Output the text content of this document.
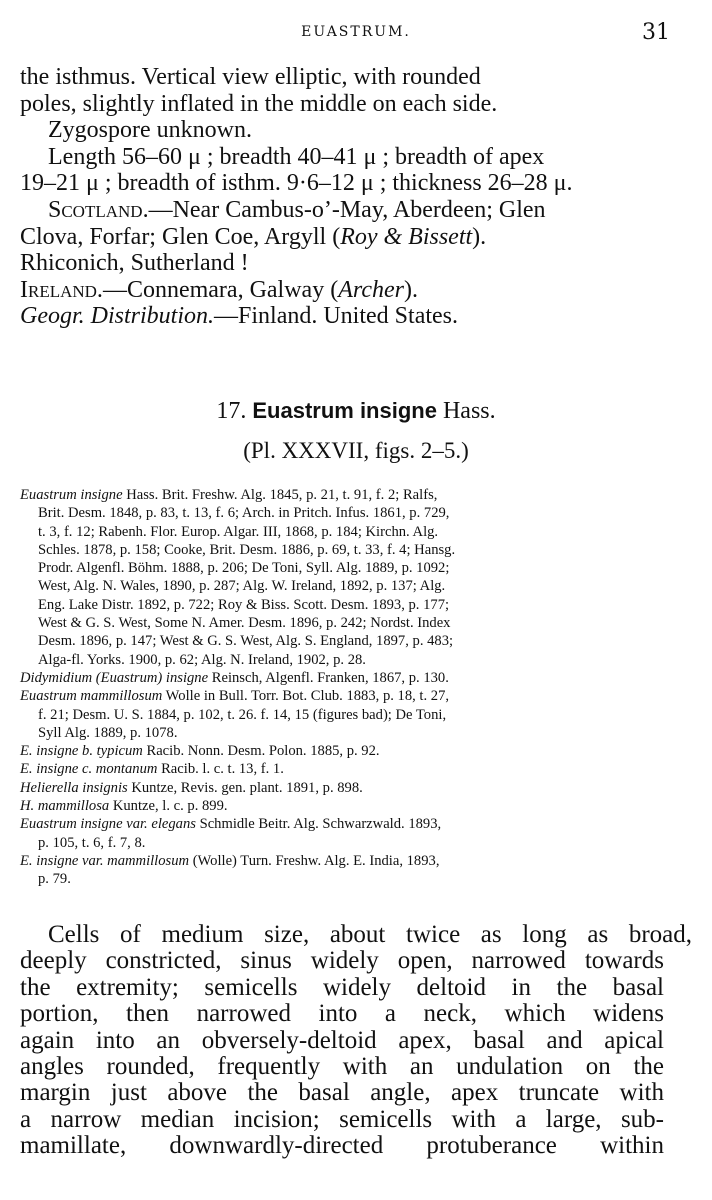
EUASTRUM.	31
the isthmus. Vertical view elliptic, with rounded
poles, slightly inflated in the middle on each side.
Zygospore unknown.
Length 56–60 μ ; breadth 40–41 μ ; breadth of apex
19–21 μ ; breadth of isthm. 9·6–12 μ ; thickness 26–28 μ.
Scotland.—Near Cambus-o’-May, Aberdeen; Glen
Clova, Forfar; Glen Coe, Argyll (Roy & Bissett).
Rhiconich, Sutherland !
Ireland.—Connemara, Galway (Archer).
Geogr. Distribution.—Finland. United States.
17. Euastrum insigne Hass.
(Pl. XXXVII, figs. 2–5.)
Euastrum insigne Hass. Brit. Freshw. Alg. 1845, p. 21, t. 91, f. 2; Ralfs,
Brit. Desm. 1848, p. 83, t. 13, f. 6; Arch. in Pritch. Infus. 1861, p. 729,
t. 3, f. 12; Rabenh. Flor. Europ. Algar. III, 1868, p. 184; Kirchn. Alg.
Schles. 1878, p. 158; Cooke, Brit. Desm. 1886, p. 69, t. 33, f. 4; Hansg.
Prodr. Algenfl. Böhm. 1888, p. 206; De Toni, Syll. Alg. 1889, p. 1092;
West, Alg. N. Wales, 1890, p. 287; Alg. W. Ireland, 1892, p. 137; Alg.
Eng. Lake Distr. 1892, p. 722; Roy & Biss. Scott. Desm. 1893, p. 177;
West & G. S. West, Some N. Amer. Desm. 1896, p. 242; Nordst. Index
Desm. 1896, p. 147; West & G. S. West, Alg. S. England, 1897, p. 483;
Alga-fl. Yorks. 1900, p. 62; Alg. N. Ireland, 1902, p. 28.
Didymidium (Euastrum) insigne Reinsch, Algenfl. Franken, 1867, p. 130.
Euastrum mammillosum Wolle in Bull. Torr. Bot. Club. 1883, p. 18, t. 27,
f. 21; Desm. U. S. 1884, p. 102, t. 26. f. 14, 15 (figures bad); De Toni,
Syll Alg. 1889, p. 1078.
E. insigne b. typicum Racib. Nonn. Desm. Polon. 1885, p. 92.
E. insigne c. montanum Racib. l. c. t. 13, f. 1.
Helierella insignis Kuntze, Revis. gen. plant. 1891, p. 898.
H. mammillosa Kuntze, l. c. p. 899.
Euastrum insigne var. elegans Schmidle Beitr. Alg. Schwarzwald. 1893,
p. 105, t. 6, f. 7, 8.
E. insigne var. mammillosum (Wolle) Turn. Freshw. Alg. E. India, 1893,
p. 79.
Cells of medium size, about twice as long as broad,
deeply constricted, sinus widely open, narrowed towards
the extremity; semicells widely deltoid in the basal
portion, then narrowed into a neck, which widens
again into an obversely-deltoid apex, basal and apical
angles rounded, frequently with an undulation on the
margin just above the basal angle, apex truncate with
a narrow median incision; semicells with a large, sub-
mamillate, downwardly-directed protuberance within
